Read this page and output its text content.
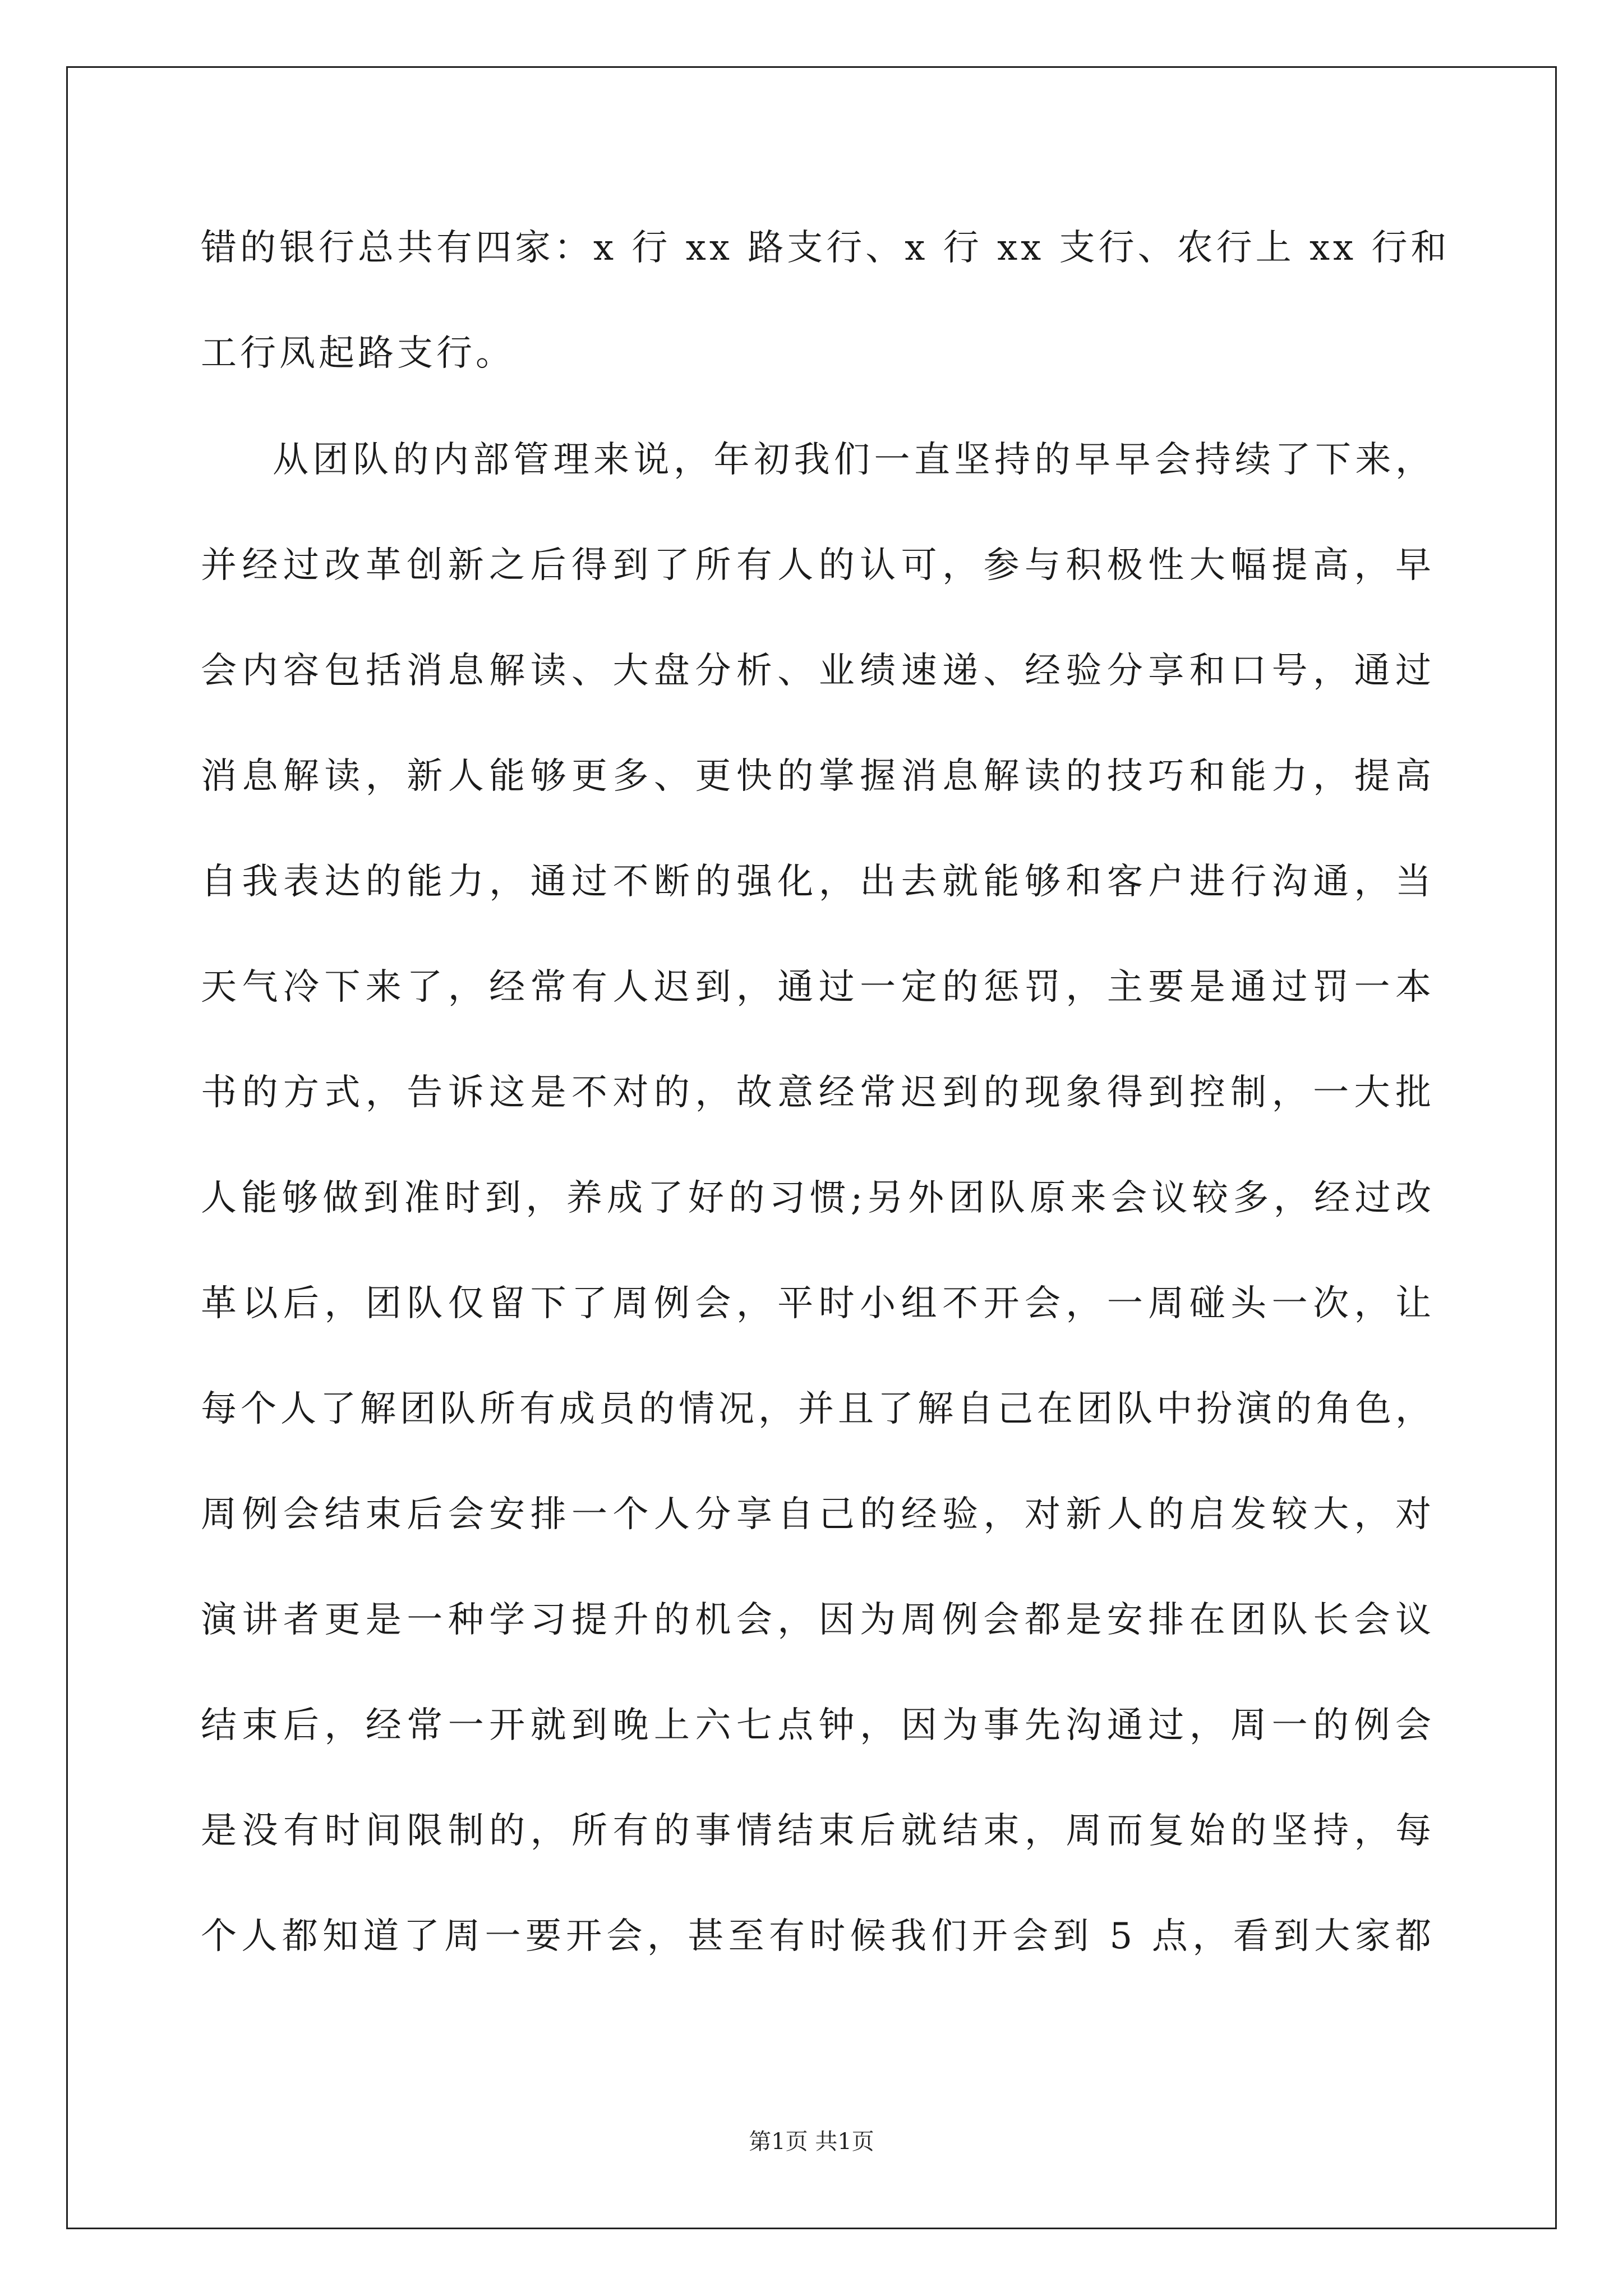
错的银行总共有四家：x 行 xx 路支行、x 行 xx 支行、农行上 xx 行和
工行凤起路支行。
从团队的内部管理来说，年初我们一直坚持的早早会持续了下来，
并经过改革创新之后得到了所有人的认可，参与积极性大幅提高，早
会内容包括消息解读、大盘分析、业绩速递、经验分享和口号，通过
消息解读，新人能够更多、更快的掌握消息解读的技巧和能力，提高
自我表达的能力，通过不断的强化，出去就能够和客户进行沟通，当
天气冷下来了，经常有人迟到，通过一定的惩罚，主要是通过罚一本
书的方式，告诉这是不对的，故意经常迟到的现象得到控制，一大批
人能够做到准时到，养成了好的习惯;另外团队原来会议较多，经过改
革以后，团队仅留下了周例会，平时小组不开会，一周碰头一次，让
每个人了解团队所有成员的情况，并且了解自己在团队中扮演的角色，
周例会结束后会安排一个人分享自己的经验，对新人的启发较大，对
演讲者更是一种学习提升的机会，因为周例会都是安排在团队长会议
结束后，经常一开就到晚上六七点钟，因为事先沟通过，周一的例会
是没有时间限制的，所有的事情结束后就结束，周而复始的坚持，每
个人都知道了周一要开会，甚至有时候我们开会到 5 点，看到大家都
第1页 共1页
